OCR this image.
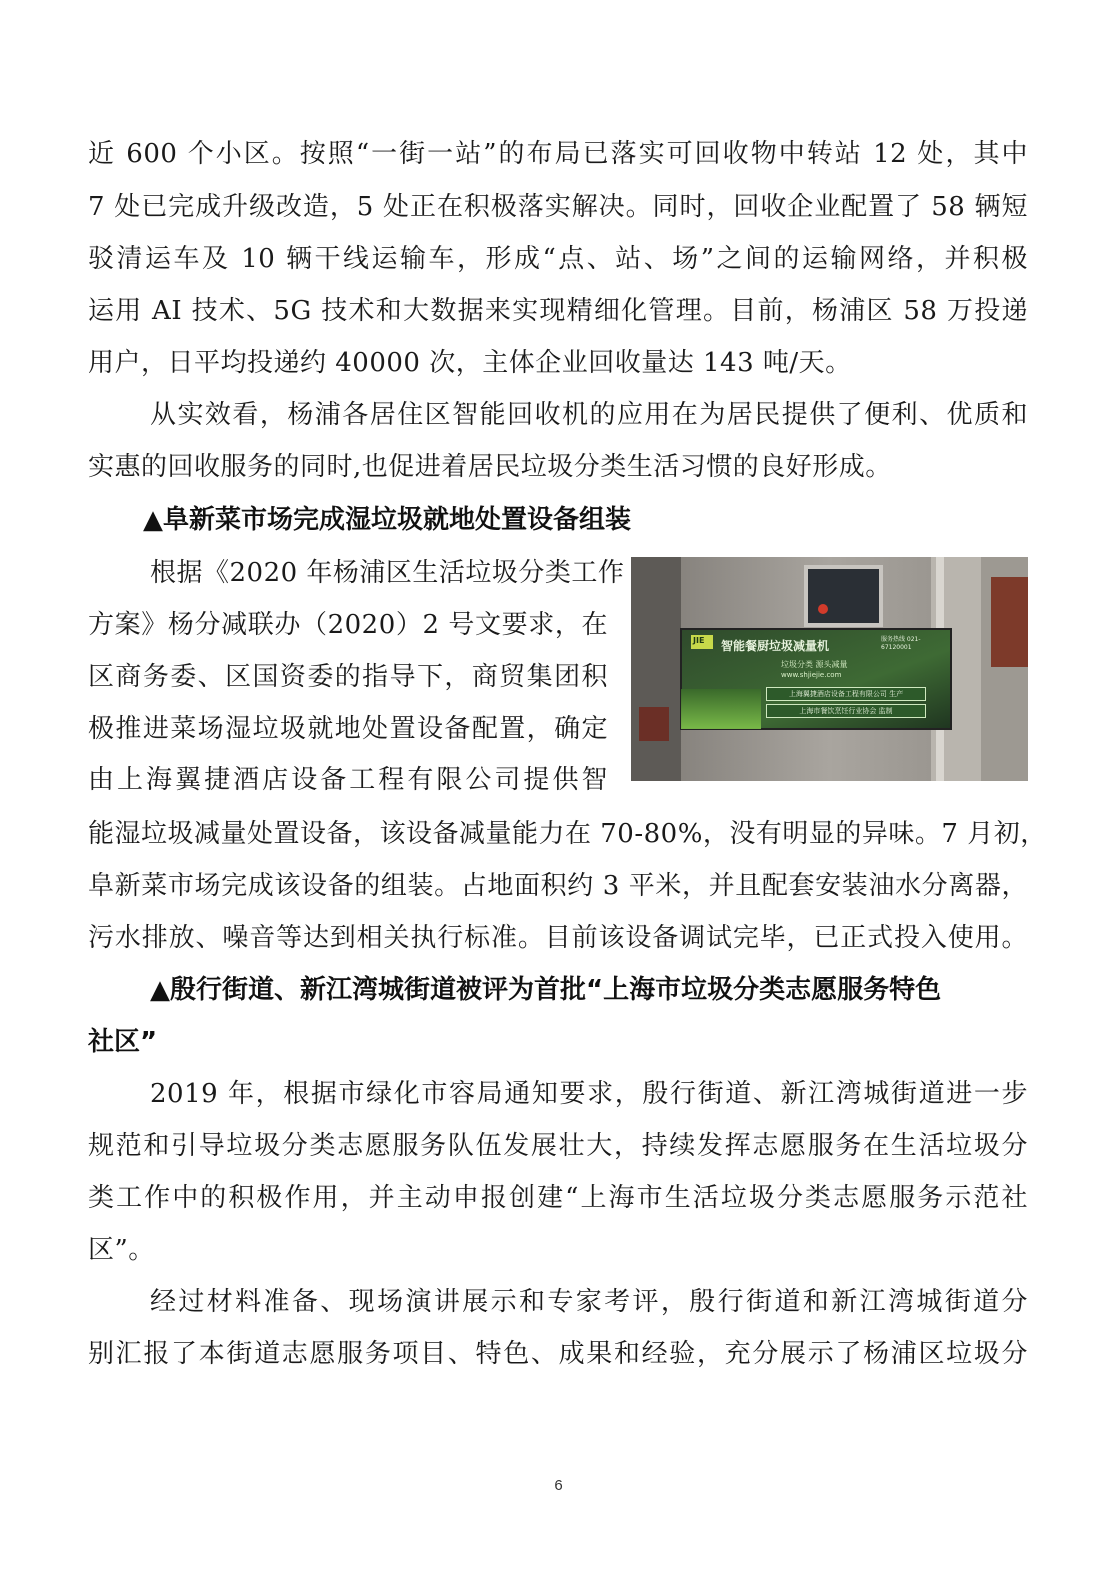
近 600 个小区。按照“一街一站”的布局已落实可回收物中转站 12 处，其中
7 处已完成升级改造，5 处正在积极落实解决。同时，回收企业配置了 58 辆短
驳清运车及 10 辆干线运输车，形成“点、站、场”之间的运输网络，并积极
运用 AI 技术、5G 技术和大数据来实现精细化管理。目前，杨浦区 58 万投递
用户，日平均投递约 40000 次，主体企业回收量达 143 吨/天。
从实效看，杨浦各居住区智能回收机的应用在为居民提供了便利、优质和
实惠的回收服务的同时,也促进着居民垃圾分类生活习惯的良好形成。
▲阜新菜市场完成湿垃圾就地处置设备组装
根据《2020 年杨浦区生活垃圾分类工作
方案》杨分减联办（2020）2 号文要求，在
区商务委、区国资委的指导下，商贸集团积
极推进菜场湿垃圾就地处置设备配置，确定
由上海翼捷酒店设备工程有限公司提供智
能湿垃圾减量处置设备，该设备减量能力在 70-80%，没有明显的异味。7 月初，
阜新菜市场完成该设备的组装。占地面积约 3 平米，并且配套安装油水分离器，
污水排放、噪音等达到相关执行标准。目前该设备调试完毕，已正式投入使用。
JIE 智能餐厨垃圾减量机	服务热线 021-67120001
垃圾分类 源头减量
www.shjiejie.com
上海翼捷酒店设备工程有限公司 生产
上海市餐饮烹饪行业协会 监制
▲殷行街道、新江湾城街道被评为首批“上海市垃圾分类志愿服务特色
社区”
2019 年，根据市绿化市容局通知要求，殷行街道、新江湾城街道进一步
规范和引导垃圾分类志愿服务队伍发展壮大，持续发挥志愿服务在生活垃圾分
类工作中的积极作用，并主动申报创建“上海市生活垃圾分类志愿服务示范社
区”。
经过材料准备、现场演讲展示和专家考评，殷行街道和新江湾城街道分
别汇报了本街道志愿服务项目、特色、成果和经验，充分展示了杨浦区垃圾分
6
